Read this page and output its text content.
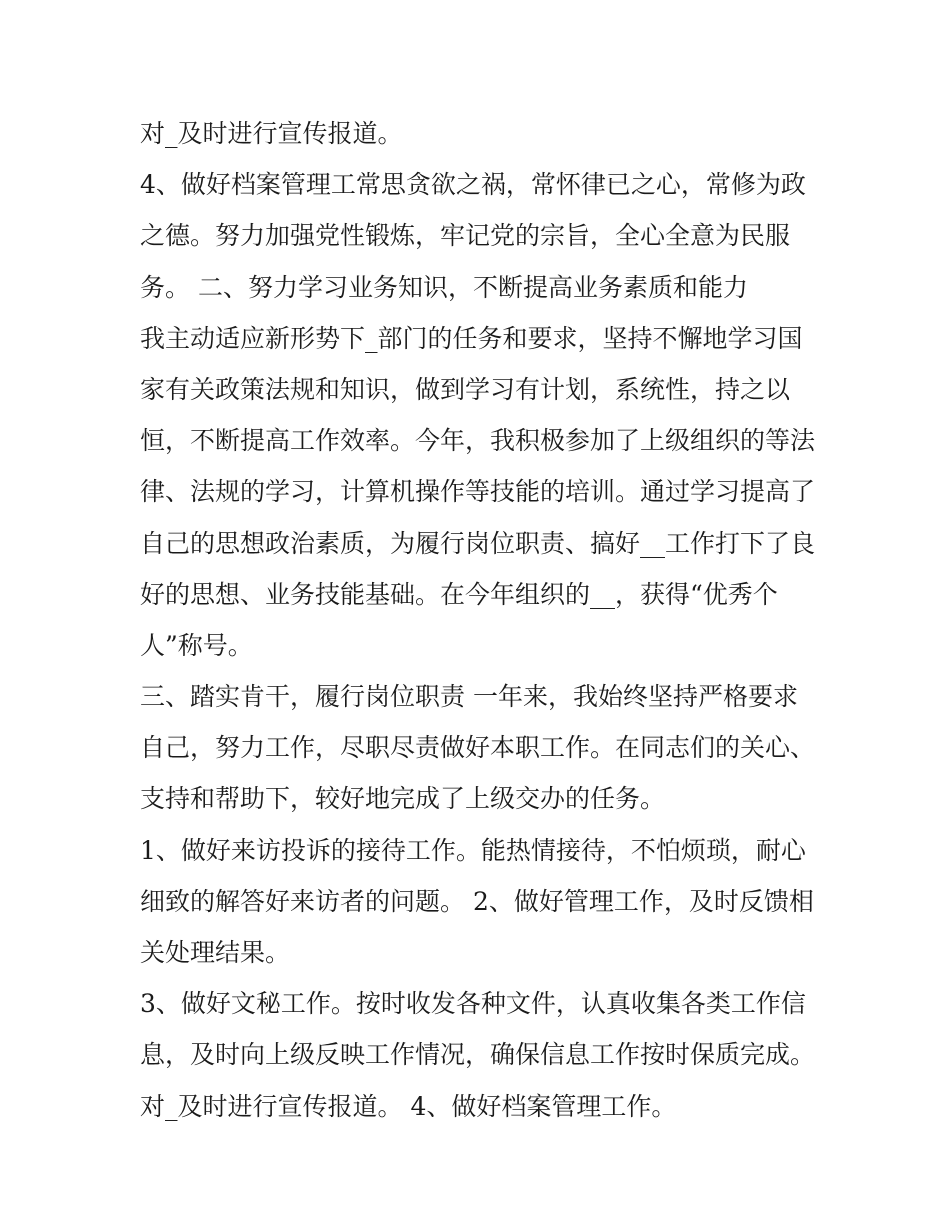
对_及时进行宣传报道。
4、做好档案管理工常思贪欲之祸，常怀律已之心，常修为政
之德。努力加强党性锻炼，牢记党的宗旨，全心全意为民服
务。 二、努力学习业务知识，不断提高业务素质和能力
我主动适应新形势下_部门的任务和要求，坚持不懈地学习国
家有关政策法规和知识，做到学习有计划，系统性，持之以
恒，不断提高工作效率。今年，我积极参加了上级组织的等法
律、法规的学习，计算机操作等技能的培训。通过学习提高了
自己的思想政治素质，为履行岗位职责、搞好__工作打下了良
好的思想、业务技能基础。在今年组织的__，获得“优秀个
人”称号。
三、踏实肯干，履行岗位职责 一年来，我始终坚持严格要求
自己，努力工作，尽职尽责做好本职工作。在同志们的关心、
支持和帮助下，较好地完成了上级交办的任务。
1、做好来访投诉的接待工作。能热情接待，不怕烦琐，耐心
细致的解答好来访者的问题。 2、做好管理工作，及时反馈相
关处理结果。
3、做好文秘工作。按时收发各种文件，认真收集各类工作信
息，及时向上级反映工作情况，确保信息工作按时保质完成。
对_及时进行宣传报道。 4、做好档案管理工作。
